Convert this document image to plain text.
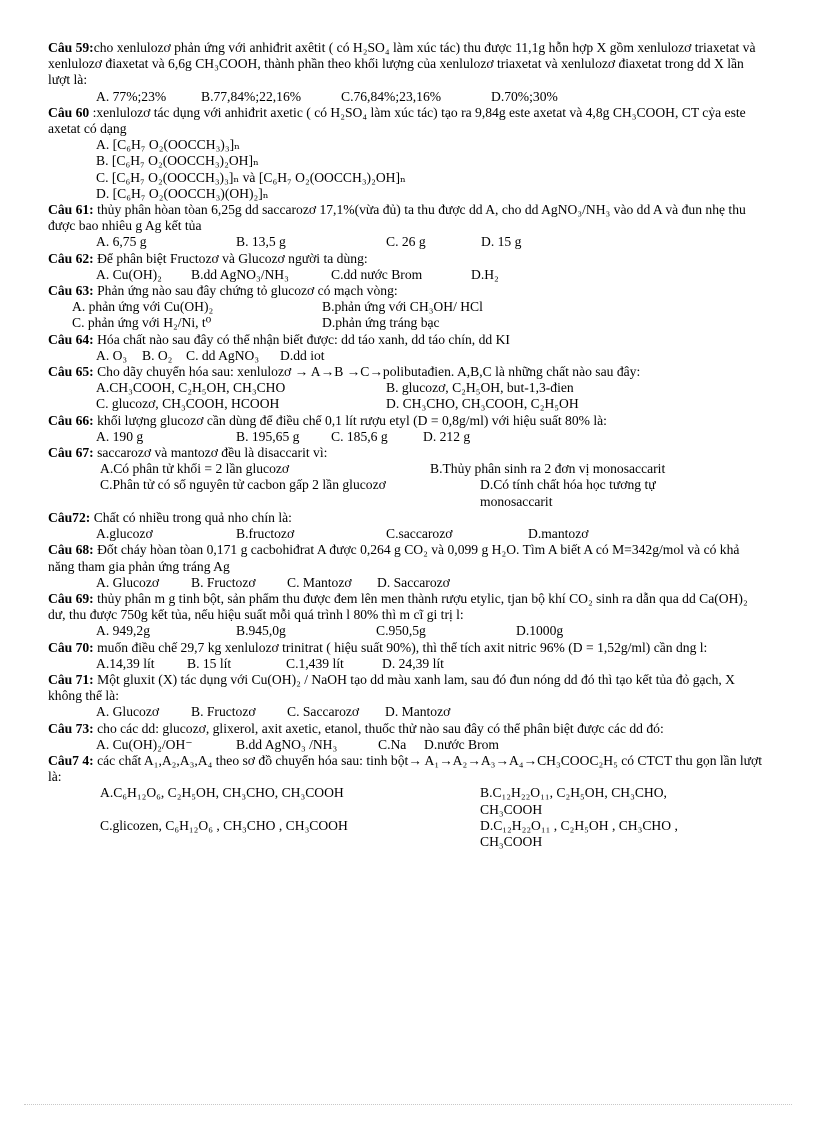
Câu 59:cho xenlulozơ phản ứng với anhiđrit axêtit ( có H₂SO₄ làm xúc tác) thu được 11,1g hỗn hợp X gồm xenlulozơ triaxetat và xenlulozơ điaxetat và 6,6g CH₃COOH, thành phần theo khối lượng của xenlulozơ triaxetat và xenlulozơ điaxetat trong dd X lần lượt là:

A. 77%;23%	B.77,84%;22,16%	C.76,84%;23,16%	D.70%;30%

Câu 60 :xenlulozơ tác dụng với anhiđrit axetic ( có H₂SO₄ làm xúc tác) tạo ra 9,84g este axetat và 4,8g CH₃COOH, CT cỷa este axetat có dạng

A. [C₆H₇ O₂(OOCCH₃)₃]ₙ
B. [C₆H₇ O₂(OOCCH₃)₂OH]ₙ
C. [C₆H₇ O₂(OOCCH₃)₃]ₙ và [C₆H₇ O₂(OOCCH₃)₂OH]ₙ
D. [C₆H₇ O₂(OOCCH₃)(OH)₂]ₙ

Câu 61: thủy phân hòan tòan 6,25g dd saccarozơ 17,1%(vừa đủ) ta thu được dd A, cho dd AgNO₃/NH₃ vào dd A và đun nhẹ thu được bao nhiêu g Ag kết tủa

A. 6,75 g	B. 13,5 g	C. 26 g	D. 15 g

Câu 62: Để phân biệt Fructozơ và Glucozơ người ta dùng:

A. Cu(OH)₂	B.dd AgNO₃/NH₃	C.dd nước Brom	D.H₂

Câu 63: Phản ứng nào sau đây chứng tỏ glucozơ có mạch vòng:

A. phản ứng với Cu(OH)₂	B.phản ứng với CH₃OH/ HCl
C. phản ứng với H₂/Ni, t⁰	D.phản ứng tráng bạc

Câu 64: Hóa chất nào sau đây có thể nhận biết được: dd táo xanh, dd táo chín, dd KI

A. O₃	B. O₂ C. dd AgNO₃	D.dd iot

Câu 65: Cho dãy chuyển hóa sau: xenlulozơ → A→B →C→polibutađien. A,B,C là những chất nào sau đây:

A.CH₃COOH, C₂H₅OH, CH₃CHO	B. glucozơ, C₂H₅OH, but-1,3-đien
C. glucozơ, CH₃COOH, HCOOH	D. CH₃CHO, CH₃COOH, C₂H₅OH

Câu 66: khối lượng glucozơ cần dùng để điều chế 0,1 lít rượu etyl (D = 0,8g/ml) với hiệu suất 80% là:

A. 190 g	B. 195,65 g	C. 185,6 g	D. 212 g

Câu 67: saccarozơ và mantozơ đều là disaccarit vì:

A.Có phân tử khối = 2 lần glucozơ	B.Thủy phân sinh ra 2 đơn vị monosaccarit
C.Phân tử có số nguyên tử cacbon gấp 2 lần glucozơ	D.Có tính chất hóa học tương tự monosaccarit

Câu72: Chất có nhiều trong quả nho chín là:

A.glucozơ	B.fructozơ	C.saccarozơ	D.mantozơ

Câu 68: Đốt cháy hòan tòan 0,171 g cacbohiđrat A được 0,264 g CO₂ và 0,099 g H₂O. Tìm A biết A có M=342g/mol và có khả năng tham gia phản ứng tráng Ag

A. Glucozơ	B. Fructozơ	C. Mantozơ	D. Saccarozơ

Câu 69: thủy phân m g tinh bột, sản phẩm thu được đem lên men thành rượu etylic, tjan bộ khí CO₂ sinh ra dẫn qua dd Ca(OH)₂ dư, thu được 750g kết tủa, nếu hiệu suất mỗi quá trình l 80% thì m cĩ gi trị l:

A. 949,2g	B.945,0g	C.950,5g	D.1000g

Câu 70: muốn điều chế 29,7 kg xenlulozơ trinitrat ( hiệu suất 90%), thì thể tích axit nitric 96% (D = 1,52g/ml) cần dng l:

A.14,39 lít	B. 15 lít	C.1,439 lít	D. 24,39 lít

Câu 71: Một gluxit (X) tác dụng với Cu(OH)₂ / NaOH tạo dd màu xanh lam, sau đó đun nóng dd đó thì tạo kết tủa đỏ gạch, X không thể là:

A. Glucozơ	B. Fructozơ	C. Saccarozơ	D. Mantozơ

Câu 73: cho các dd: glucozơ, glixerol, axit axetic, etanol, thuốc thử nào sau đây có thể phân biệt được các dd đó:

A. Cu(OH)₂/OH⁻	B.dd AgNO₃ /NH₃	C.Na	D.nước Brom

Câu7 4: các chất A₁,A₂,A₃,A₄ theo sơ đồ chuyển hóa sau: tinh bột→ A₁→A₂→A₃→A₄→CH₃COOC₂H₅ có CTCT thu gọn lần lượt là:

A.C₆H₁₂O₆, C₂H₅OH, CH₃CHO, CH₃COOH	B.C₁₂H₂₂O₁₁, C₂H₅OH, CH₃CHO, CH₃COOH
C.glicozen, C₆H₁₂O₆ , CH₃CHO , CH₃COOH	D.C₁₂H₂₂O₁₁ , C₂H₅OH , CH₃CHO , CH₃COOH
